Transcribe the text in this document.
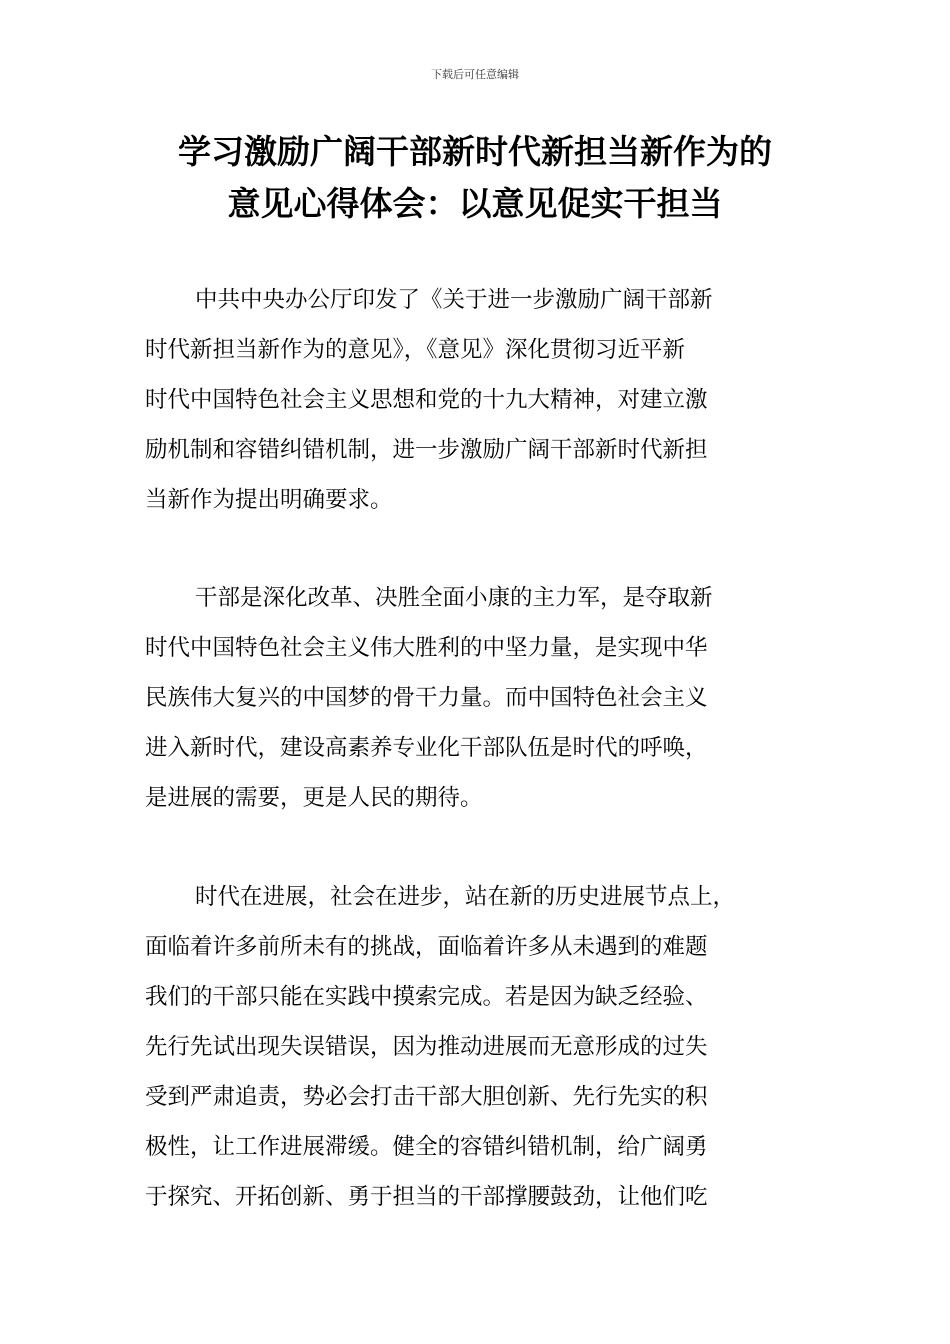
下载后可任意编辑
学习激励广阔干部新时代新担当新作为的
意见心得体会：以意见促实干担当
中共中央办公厅印发了《关于进一步激励广阔干部新
时代新担当新作为的意见》，《意见》深化贯彻习近平新
时代中国特色社会主义思想和党的十九大精神，对建立激
励机制和容错纠错机制，进一步激励广阔干部新时代新担
当新作为提出明确要求。
干部是深化改革、决胜全面小康的主力军，是夺取新
时代中国特色社会主义伟大胜利的中坚力量，是实现中华
民族伟大复兴的中国梦的骨干力量。而中国特色社会主义
进入新时代，建设高素养专业化干部队伍是时代的呼唤，
是进展的需要，更是人民的期待。
时代在进展，社会在进步，站在新的历史进展节点上，
面临着许多前所未有的挑战，面临着许多从未遇到的难题
我们的干部只能在实践中摸索完成。若是因为缺乏经验、
先行先试出现失误错误，因为推动进展而无意形成的过失
受到严肃追责，势必会打击干部大胆创新、先行先实的积
极性，让工作进展滞缓。健全的容错纠错机制，给广阔勇
于探究、开拓创新、勇于担当的干部撑腰鼓劲，让他们吃
